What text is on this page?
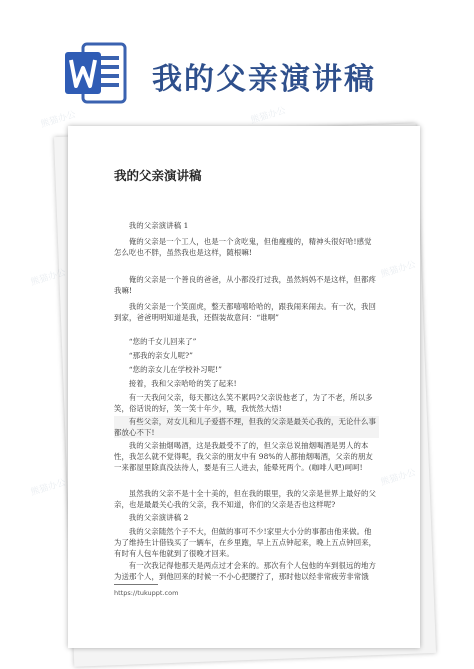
我的父亲演讲稿
我的父亲演讲稿
我的父亲演讲稿 1
俺的父亲是一个工人，也是一个贪吃鬼，但他瘦瘦的，精神头很好哈!感觉怎么吃也不胖，虽然我也是这样，随根嘛!
俺的父亲是一个善良的爸爸，从小都没打过我，虽然妈妈不是这样，但都疼我嘛!
我的父亲是一个笑面虎，整天都嘻嘻哈哈的，跟我闹来闹去。有一次，我回到家，爸爸明明知道是我，还假装故意问：“谁啊”
“您的千女儿回来了”
“那我的亲女儿呢?”
“您的亲女儿在学校补习呢!”
接着，我和父亲哈哈的笑了起来!
有一天我问父亲，每天都这么笑不累吗?父亲说他老了，为了不老，所以多笑，俗话说的好，笑一笑十年少，哦，我恍然大悟!
有些父亲，对女儿和儿子爱搭不理，但我的父亲是最关心我的，无论什么事都放心不下!
我的父亲抽烟喝酒，这是我最受不了的，但父亲总说抽烟喝酒是男人的本性，我怎么就不觉得呢，我父亲的朋友中有 98%的人都抽烟喝酒，父亲的朋友一来都屋里除真没法待人，要是有三人进去，能晕死两个。(咖啡人吧)呵呵!
虽然我的父亲不是十全十美的，但在我的眼里，我的父亲是世界上最好的父亲，也是最最关心我的父亲，我不知道，你们的父亲是否也这样呢?
我的父亲演讲稿 2
我的父亲随然个子不大，但做的事可不少!家里大小分的事都由他来做。他为了维持生计借钱买了一辆车，在乡里跑，早上五点钟起来，晚上五点钟回来，有时有人包车他就到了很晚才回来。
有一次我记得他那天是两点过才会来的。那次有个人包他的车到很远的地方为送那个人，到他回来的时候一不小心把腰拧了，那时他以经非常疲劳非常饿
https://tukuppt.com
熊猫办公	熊猫办公
熊猫办公
熊猫办公
